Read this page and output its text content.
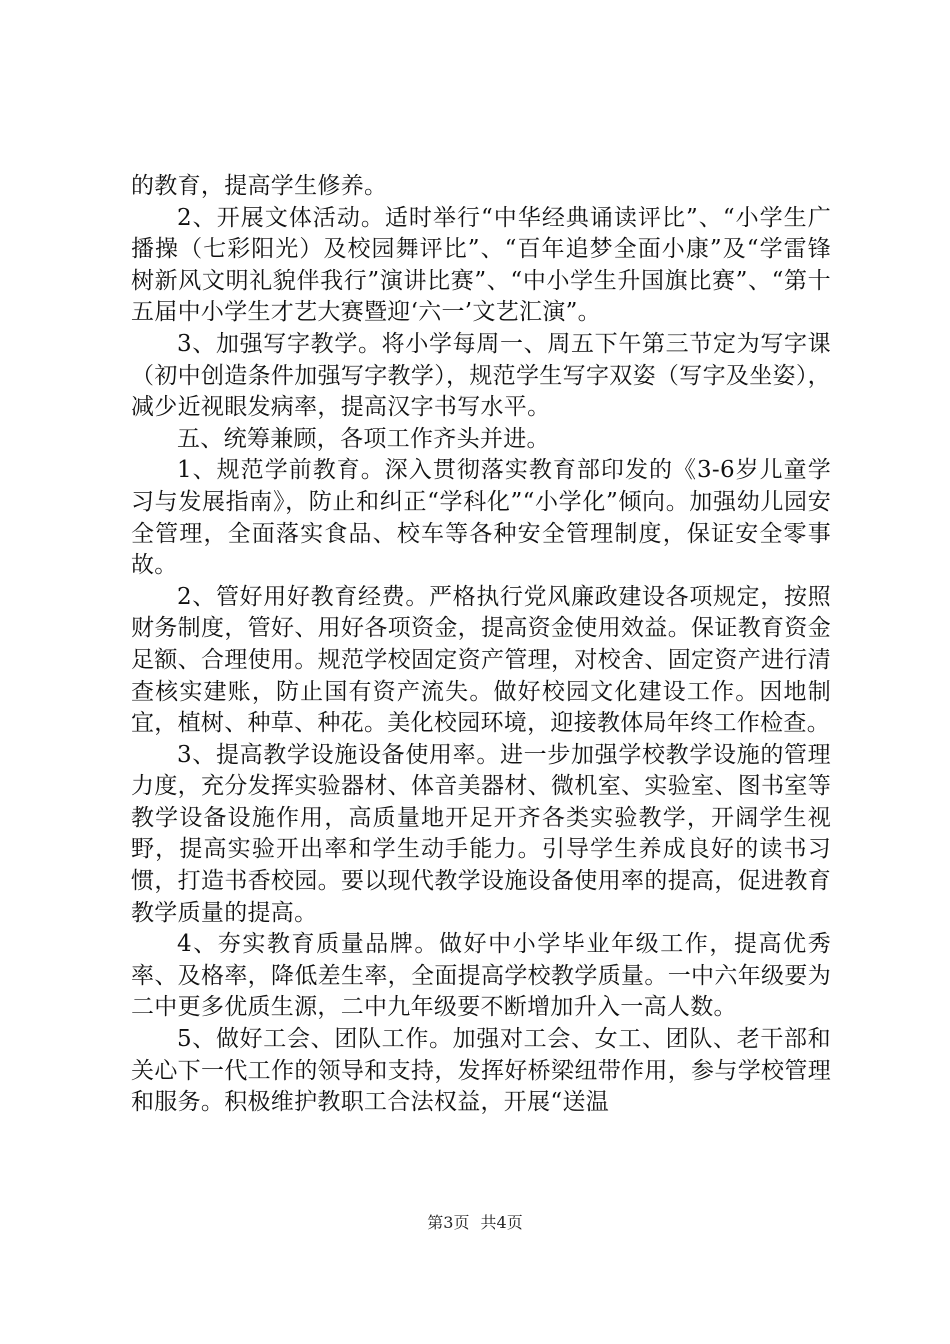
的教育，提高学生修养。

2、开展文体活动。适时举行“中华经典诵读评比”、“小学生广播操（七彩阳光）及校园舞评比”、“百年追梦全面小康”及“学雷锋树新风文明礼貌伴我行”演讲比赛”、“中小学生升国旗比赛”、“第十五届中小学生才艺大赛暨迎‘六一’文艺汇演”。

3、加强写字教学。将小学每周一、周五下午第三节定为写字课（初中创造条件加强写字教学），规范学生写字双姿（写字及坐姿），减少近视眼发病率，提高汉字书写水平。

五、统筹兼顾，各项工作齐头并进。

1、规范学前教育。深入贯彻落实教育部印发的《3-6岁儿童学习与发展指南》，防止和纠正“学科化”“小学化”倾向。加强幼儿园安全管理，全面落实食品、校车等各种安全管理制度，保证安全零事故。

2、管好用好教育经费。严格执行党风廉政建设各项规定，按照财务制度，管好、用好各项资金，提高资金使用效益。保证教育资金足额、合理使用。规范学校固定资产管理，对校舍、固定资产进行清查核实建账，防止国有资产流失。做好校园文化建设工作。因地制宜，植树、种草、种花。美化校园环境，迎接教体局年终工作检查。

3、提高教学设施设备使用率。进一步加强学校教学设施的管理力度，充分发挥实验器材、体音美器材、微机室、实验室、图书室等教学设备设施作用，高质量地开足开齐各类实验教学，开阔学生视野，提高实验开出率和学生动手能力。引导学生养成良好的读书习惯，打造书香校园。要以现代教学设施设备使用率的提高，促进教育教学质量的提高。

4、夯实教育质量品牌。做好中小学毕业年级工作，提高优秀率、及格率，降低差生率，全面提高学校教学质量。一中六年级要为二中更多优质生源，二中九年级要不断增加升入一高人数。

5、做好工会、团队工作。加强对工会、女工、团队、老干部和关心下一代工作的领导和支持，发挥好桥梁纽带作用，参与学校管理和服务。积极维护教职工合法权益，开展“送温

第3页 共4页
